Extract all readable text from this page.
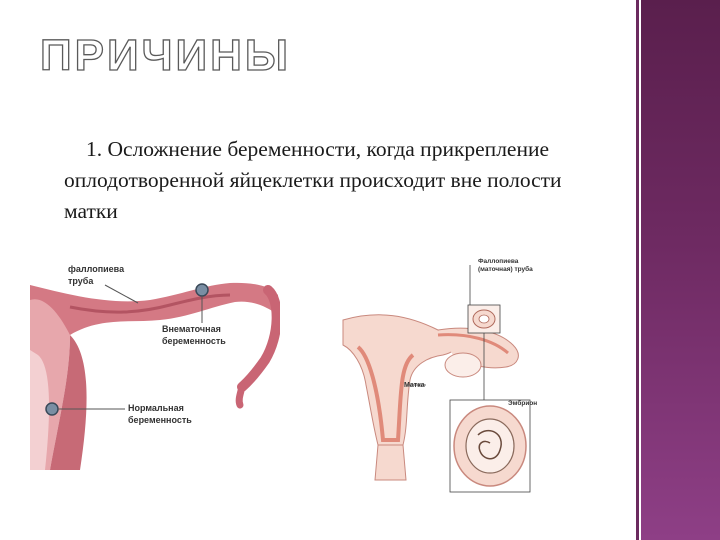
ПРИЧИНЫ

1. Осложнение беременности, когда прикрепление оплодотворенной яйцеклетки происходит вне полости матки

фаллопиева
труба
Внематочная
беременность
Нормальная
беременность
Фаллопиева
(маточная) труба
Матка
Эмбрион
